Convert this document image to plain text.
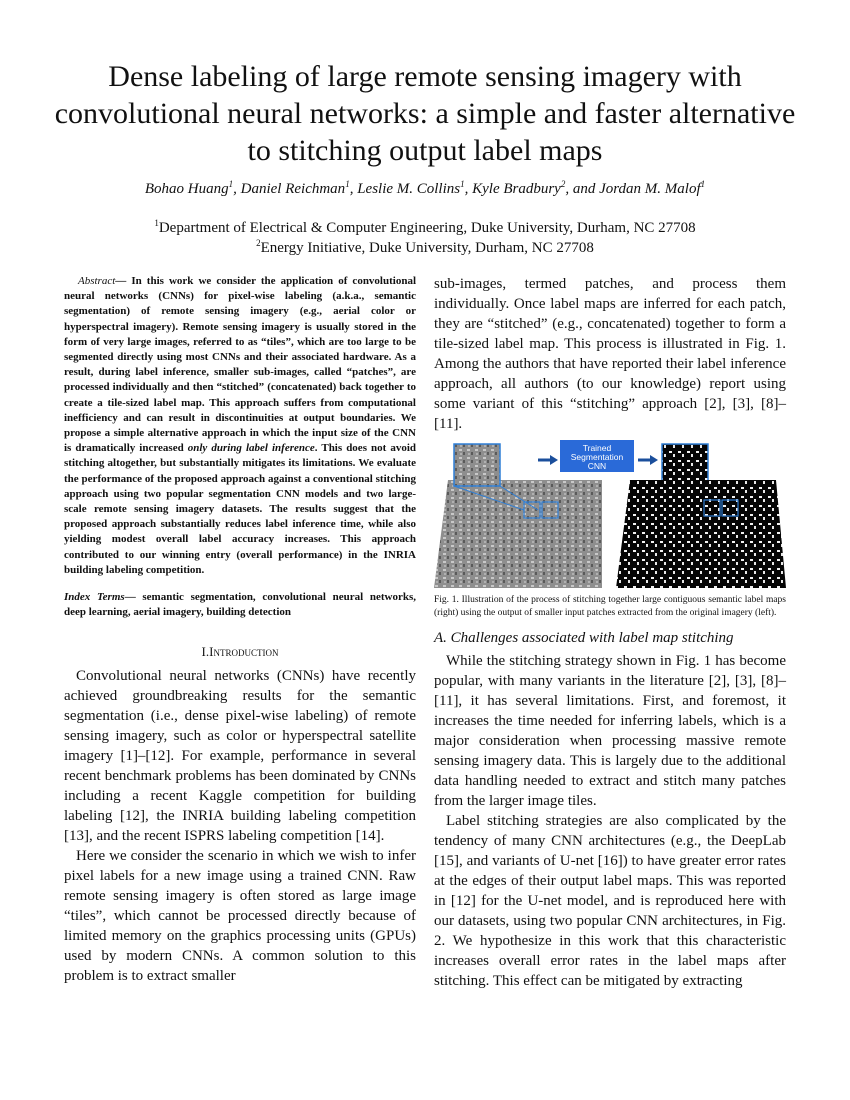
Dense labeling of large remote sensing imagery with convolutional neural networks: a simple and faster alternative to stitching output label maps
Bohao Huang$^1$, Daniel Reichman$^1$, Leslie M. Collins$^1$, Kyle Bradbury$^2$, and Jordan M. Malof$^1$
$^1$Department of Electrical & Computer Engineering, Duke University, Durham, NC 27708
$^2$Energy Initiative, Duke University, Durham, NC 27708

Abstract— In this work we consider the application of convolutional neural networks (CNNs) for pixel-wise labeling (a.k.a., semantic segmentation) of remote sensing imagery (e.g., aerial color or hyperspectral imagery). Remote sensing imagery is usually stored in the form of very large images, referred to as “tiles”, which are too large to be segmented directly using most CNNs and their associated hardware. As a result, during label inference, smaller sub-images, called “patches”, are processed individually and then “stitched” (concatenated) back together to create a tile-sized label map. This approach suffers from computational inefficiency and can result in discontinuities at output boundaries. We propose a simple alternative approach in which the input size of the CNN is dramatically increased only during label inference. This does not avoid stitching altogether, but substantially mitigates its limitations. We evaluate the performance of the proposed approach against a conventional stitching approach using two popular segmentation CNN models and two large-scale remote sensing imagery datasets. The results suggest that the proposed approach substantially reduces label inference time, while also yielding modest overall label accuracy increases. This approach contributed to our winning entry (overall performance) in the INRIA building labeling competition.

Index Terms— semantic segmentation, convolutional neural networks, deep learning, aerial imagery, building detection

I.Introduction

Convolutional neural networks (CNNs) have recently achieved groundbreaking results for the semantic segmentation (i.e., dense pixel-wise labeling) of remote sensing imagery, such as color or hyperspectral satellite imagery [1]–[12]. For example, performance in several recent benchmark problems has been dominated by CNNs including a recent Kaggle competition for building labeling [12], the INRIA building labeling competition [13], and the recent ISPRS labeling competition [14].

Here we consider the scenario in which we wish to infer pixel labels for a new image using a trained CNN. Raw remote sensing imagery is often stored as large image “tiles”, which cannot be processed directly because of limited memory on the graphics processing units (GPUs) used by modern CNNs. A common solution to this problem is to extract smaller

sub-images, termed patches, and process them individually. Once label maps are inferred for each patch, they are “stitched” (e.g., concatenated) together to form a tile-sized label map. This process is illustrated in Fig. 1. Among the authors that have reported their label inference approach, all authors (to our knowledge) report using some variant of this “stitching” approach [2], [3], [8]–[11].

Trained
Segmentation
CNN

Fig. 1. Illustration of the process of stitching together large contiguous semantic label maps (right) using the output of smaller input patches extracted from the original imagery (left).

A. Challenges associated with label map stitching

While the stitching strategy shown in Fig. 1 has become popular, with many variants in the literature [2], [3], [8]–[11], it has several limitations. First, and foremost, it increases the time needed for inferring labels, which is a major consideration when processing massive remote sensing imagery data. This is largely due to the additional data handling needed to extract and stitch many patches from the larger image tiles.

Label stitching strategies are also complicated by the tendency of many CNN architectures (e.g., the DeepLab [15], and variants of U-net [16]) to have greater error rates at the edges of their output label maps. This was reported in [12] for the U-net model, and is reproduced here with our datasets, using two popular CNN architectures, in Fig. 2. We hypothesize in this work that this characteristic increases overall error rates in the label maps after stitching. This effect can be mitigated by extracting
